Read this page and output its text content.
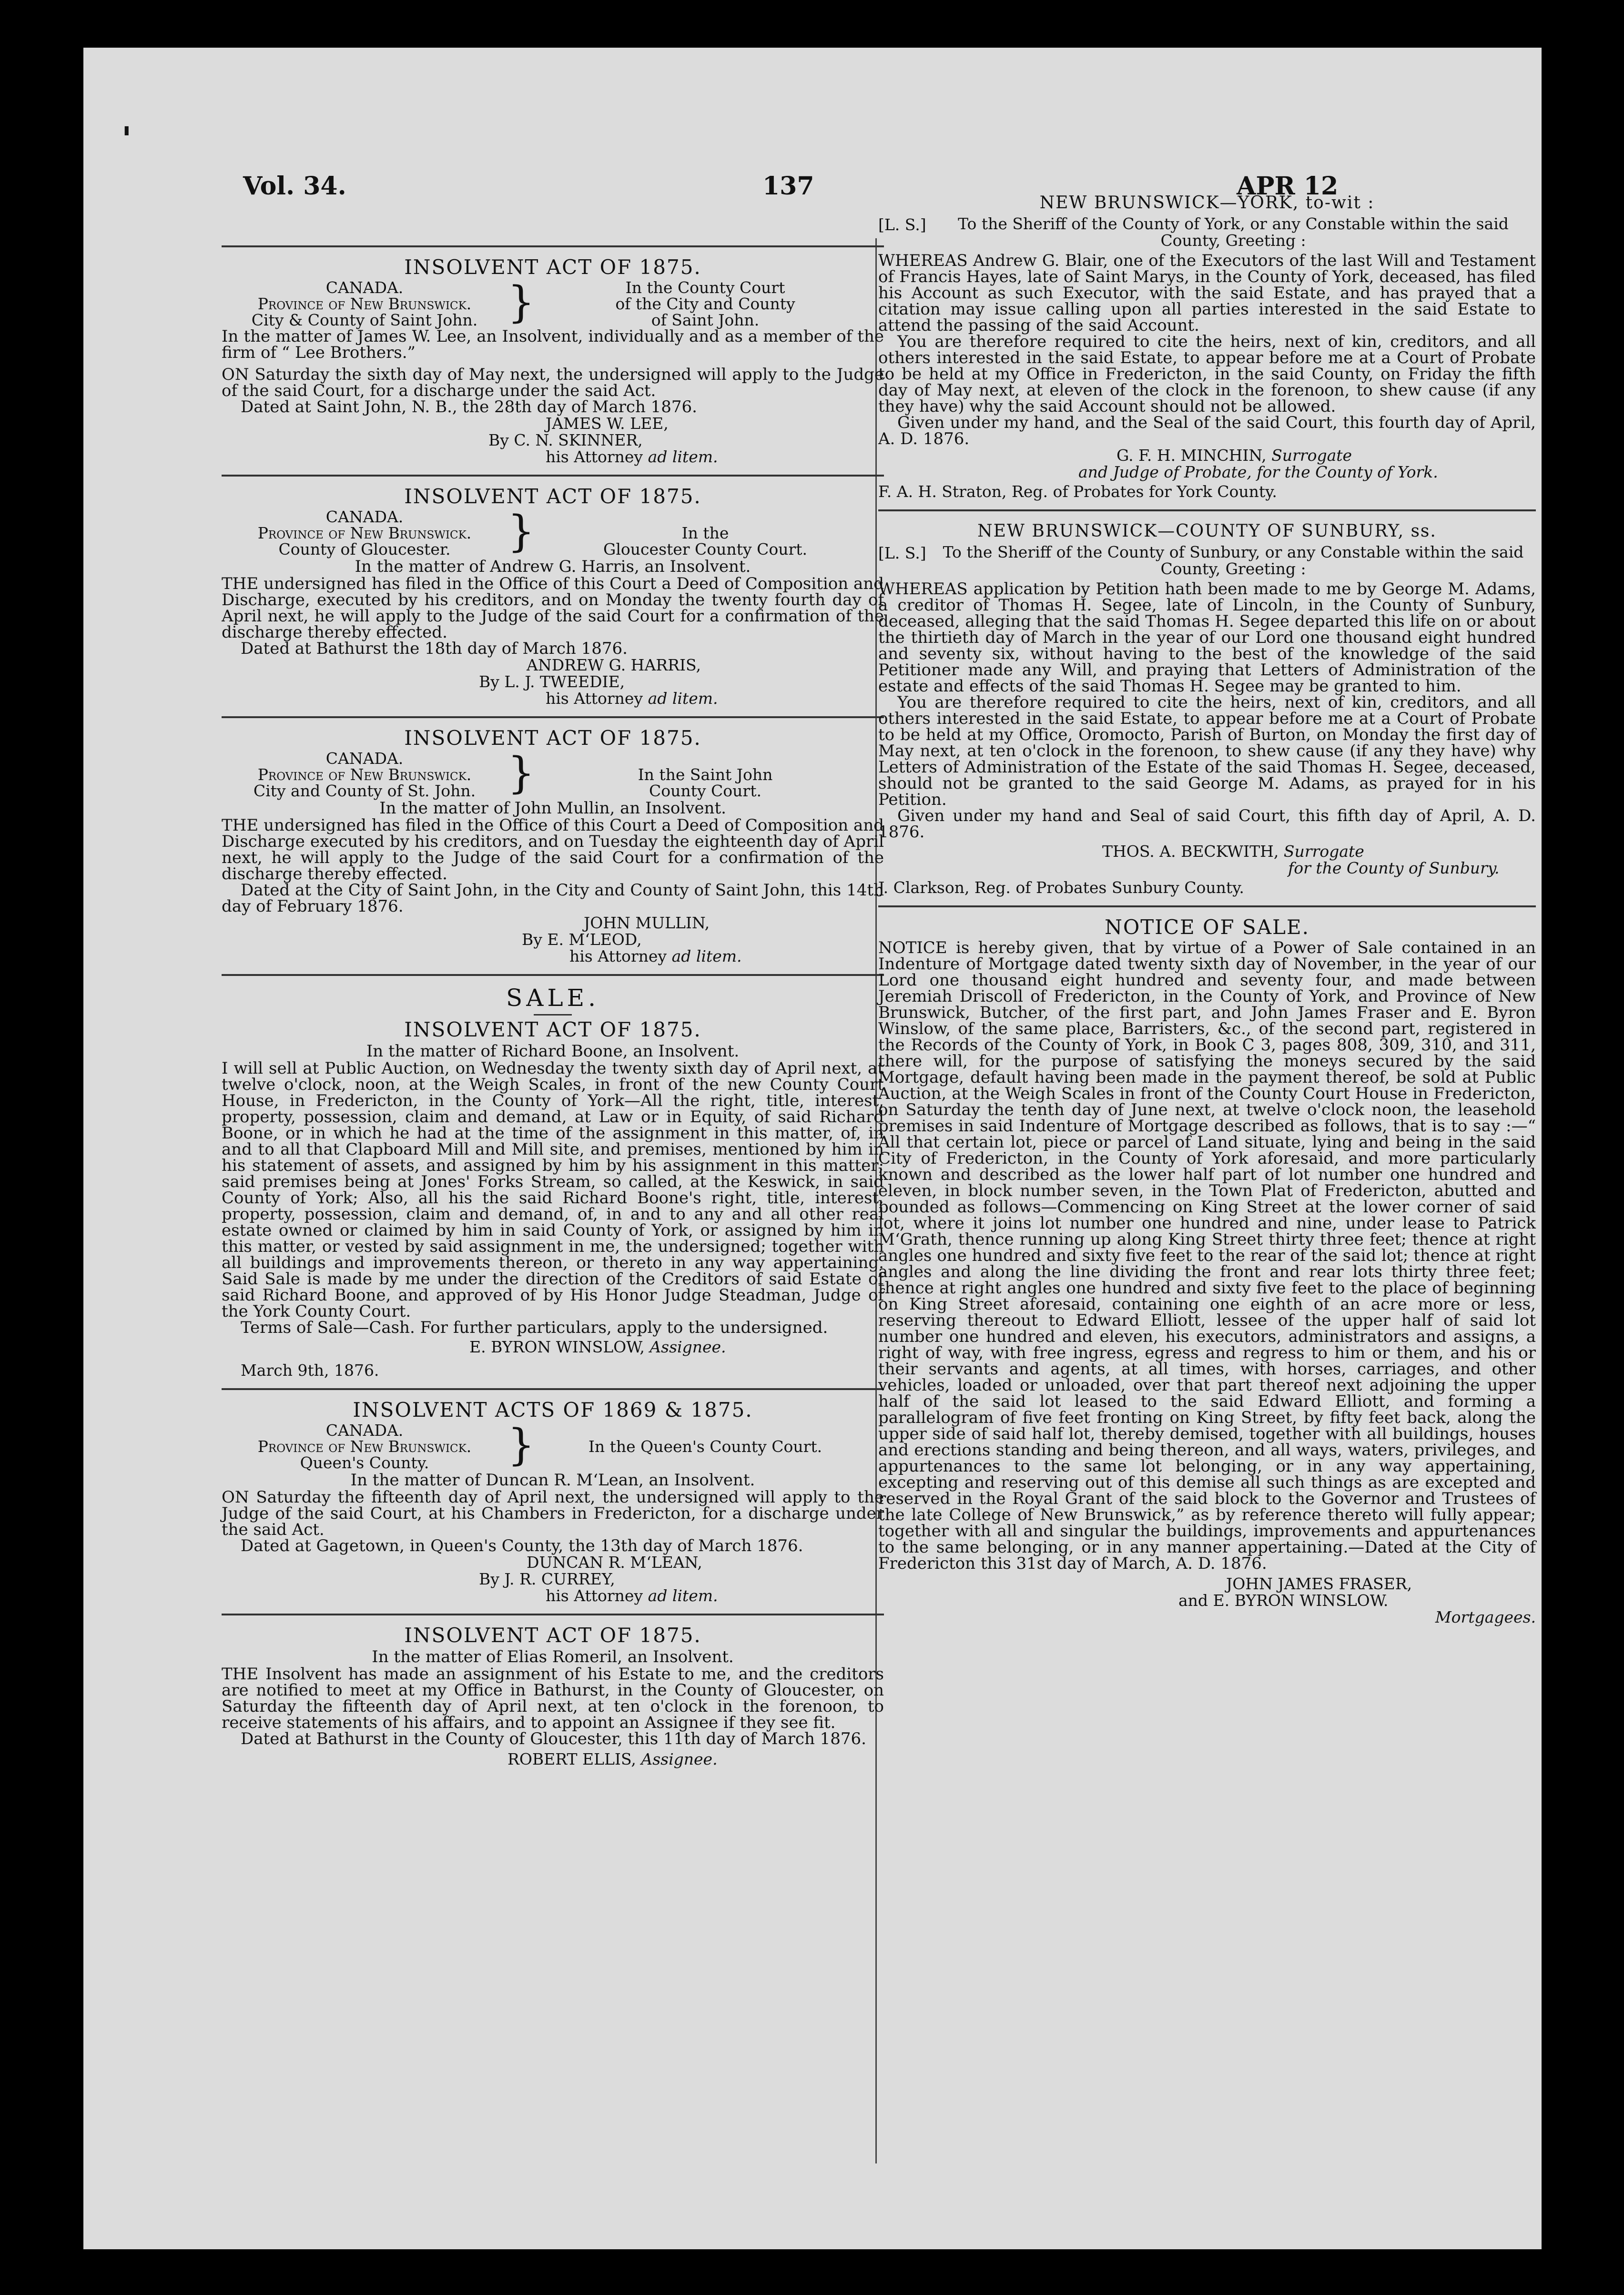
'
Vol. 34.	137	APR 12
INSOLVENT ACT OF 1875.
CANADA.
Province of New Brunswick.
City & County of Saint John. }	In the County Court
of the City and County
of Saint John.

In the matter of James W. Lee, an Insolvent, individually and as a member of the firm of “ Lee Brothers.”

ON Saturday the sixth day of May next, the undersigned will apply to the Judge of the said Court, for a discharge under the said Act.

Dated at Saint John, N. B., the 28th day of March 1876.

JAMES W. LEE,
By C. N. SKINNER,
his Attorney ad litem.
INSOLVENT ACT OF 1875.
CANADA.
Province of New Brunswick.
County of Gloucester.	}	In the
Gloucester County Court.
In the matter of Andrew G. Harris, an Insolvent.

THE undersigned has filed in the Office of this Court a Deed of Composition and Discharge, executed by his creditors, and on Monday the twenty fourth day of April next, he will apply to the Judge of the said Court for a confirmation of the discharge thereby effected.

Dated at Bathurst the 18th day of March 1876.

ANDREW G. HARRIS,
By L. J. TWEEDIE,
his Attorney ad litem.
INSOLVENT ACT OF 1875.
CANADA.
Province of New Brunswick.
City and County of St. John. }	In the Saint John
County Court.
In the matter of John Mullin, an Insolvent.

THE undersigned has filed in the Office of this Court a Deed of Composition and Discharge executed by his creditors, and on Tuesday the eighteenth day of April next, he will apply to the Judge of the said Court for a confirmation of the discharge thereby effected.

Dated at the City of Saint John, in the City and County of Saint John, this 14th day of February 1876.

JOHN MULLIN,
By E. M‘LEOD,
his Attorney ad litem.
SALE.
INSOLVENT ACT OF 1875.
In the matter of Richard Boone, an Insolvent.

I will sell at Public Auction, on Wednesday the twenty sixth day of April next, at twelve o'clock, noon, at the Weigh Scales, in front of the new County Court House, in Fredericton, in the County of York—All the right, title, interest, property, possession, claim and demand, at Law or in Equity, of said Richard Boone, or in which he had at the time of the assignment in this matter, of, in and to all that Clapboard Mill and Mill site, and premises, mentioned by him in his statement of assets, and assigned by him by his assignment in this matter; said premises being at Jones' Forks Stream, so called, at the Keswick, in said County of York; Also, all his the said Richard Boone's right, title, interest, property, possession, claim and demand, of, in and to any and all other real estate owned or claimed by him in said County of York, or assigned by him in this matter, or vested by said assignment in me, the undersigned; together with all buildings and improvements thereon, or thereto in any way appertaining. Said Sale is made by me under the direction of the Creditors of said Estate of said Richard Boone, and approved of by His Honor Judge Steadman, Judge of the York County Court.

Terms of Sale—Cash. For further particulars, apply to the undersigned.

E. BYRON WINSLOW, Assignee.
March 9th, 1876.
INSOLVENT ACTS OF 1869 & 1875.
CANADA.
Province of New Brunswick.
Queen's County.	}	In the Queen's County Court.
In the matter of Duncan R. M‘Lean, an Insolvent.

ON Saturday the fifteenth day of April next, the undersigned will apply to the Judge of the said Court, at his Chambers in Fredericton, for a discharge under the said Act.

Dated at Gagetown, in Queen's County, the 13th day of March 1876.

DUNCAN R. M‘LEAN,
By J. R. CURREY,
his Attorney ad litem.
INSOLVENT ACT OF 1875.
In the matter of Elias Romeril, an Insolvent.

THE Insolvent has made an assignment of his Estate to me, and the creditors are notified to meet at my Office in Bathurst, in the County of Gloucester, on Saturday the fifteenth day of April next, at ten o'clock in the forenoon, to receive statements of his affairs, and to appoint an Assignee if they see fit.

Dated at Bathurst in the County of Gloucester, this 11th day of March 1876.

ROBERT ELLIS, Assignee.
NEW BRUNSWICK—YORK, to-wit :
[L. S.]	To the Sheriff of the County of York, or any Constable within the said County, Greeting :

WHEREAS Andrew G. Blair, one of the Executors of the last Will and Testament of Francis Hayes, late of Saint Marys, in the County of York, deceased, has filed his Account as such Executor, with the said Estate, and has prayed that a citation may issue calling upon all parties interested in the said Estate to attend the passing of the said Account.

You are therefore required to cite the heirs, next of kin, creditors, and all others interested in the said Estate, to appear before me at a Court of Probate to be held at my Office in Fredericton, in the said County, on Friday the fifth day of May next, at eleven of the clock in the forenoon, to shew cause (if any they have) why the said Account should not be allowed.

Given under my hand, and the Seal of the said Court, this fourth day of April, A. D. 1876.

G. F. H. MINCHIN, Surrogate
and Judge of Probate, for the County of York.
F. A. H. Straton, Reg. of Probates for York County.
NEW BRUNSWICK—COUNTY OF SUNBURY, ss.
[L. S.]	To the Sheriff of the County of Sunbury, or any Constable within the said County, Greeting :

WHEREAS application by Petition hath been made to me by George M. Adams, a creditor of Thomas H. Segee, late of Lincoln, in the County of Sunbury, deceased, alleging that the said Thomas H. Segee departed this life on or about the thirtieth day of March in the year of our Lord one thousand eight hundred and seventy six, without having to the best of the knowledge of the said Petitioner made any Will, and praying that Letters of Administration of the estate and effects of the said Thomas H. Segee may be granted to him.

You are therefore required to cite the heirs, next of kin, creditors, and all others interested in the said Estate, to appear before me at a Court of Probate to be held at my Office, Oromocto, Parish of Burton, on Monday the first day of May next, at ten o'clock in the forenoon, to shew cause (if any they have) why Letters of Administration of the Estate of the said Thomas H. Segee, deceased, should not be granted to the said George M. Adams, as prayed for in his Petition.

Given under my hand and Seal of said Court, this fifth day of April, A. D. 1876.

THOS. A. BECKWITH, Surrogate
for the County of Sunbury.
J. Clarkson, Reg. of Probates Sunbury County.
NOTICE OF SALE.

NOTICE is hereby given, that by virtue of a Power of Sale contained in an Indenture of Mortgage dated twenty sixth day of November, in the year of our Lord one thousand eight hundred and seventy four, and made between Jeremiah Driscoll of Fredericton, in the County of York, and Province of New Brunswick, Butcher, of the first part, and John James Fraser and E. Byron Winslow, of the same place, Barristers, &c., of the second part, registered in the Records of the County of York, in Book C 3, pages 808, 309, 310, and 311, there will, for the purpose of satisfying the moneys secured by the said Mortgage, default having been made in the payment thereof, be sold at Public Auction, at the Weigh Scales in front of the County Court House in Fredericton, on Saturday the tenth day of June next, at twelve o'clock noon, the leasehold premises in said Indenture of Mortgage described as follows, that is to say :—“ All that certain lot, piece or parcel of Land situate, lying and being in the said City of Fredericton, in the County of York aforesaid, and more particularly known and described as the lower half part of lot number one hundred and eleven, in block number seven, in the Town Plat of Fredericton, abutted and bounded as follows—Commencing on King Street at the lower corner of said lot, where it joins lot number one hundred and nine, under lease to Patrick M‘Grath, thence running up along King Street thirty three feet; thence at right angles one hundred and sixty five feet to the rear of the said lot; thence at right angles and along the line dividing the front and rear lots thirty three feet; thence at right angles one hundred and sixty five feet to the place of beginning on King Street aforesaid, containing one eighth of an acre more or less, reserving thereout to Edward Elliott, lessee of the upper half of said lot number one hundred and eleven, his executors, administrators and assigns, a right of way, with free ingress, egress and regress to him or them, and his or their servants and agents, at all times, with horses, carriages, and other vehicles, loaded or unloaded, over that part thereof next adjoining the upper half of the said lot leased to the said Edward Elliott, and forming a parallelogram of five feet fronting on King Street, by fifty feet back, along the upper side of said half lot, thereby demised, together with all buildings, houses and erections standing and being thereon, and all ways, waters, privileges, and appurtenances to the same lot belonging, or in any way appertaining, excepting and reserving out of this demise all such things as are excepted and reserved in the Royal Grant of the said block to the Governor and Trustees of the late College of New Brunswick,” as by reference thereto will fully appear; together with all and singular the buildings, improvements and appurtenances to the same belonging, or in any manner appertaining.—Dated at the City of Fredericton this 31st day of March, A. D. 1876.

JOHN JAMES FRASER,
and E. BYRON WINSLOW.
Mortgagees.
